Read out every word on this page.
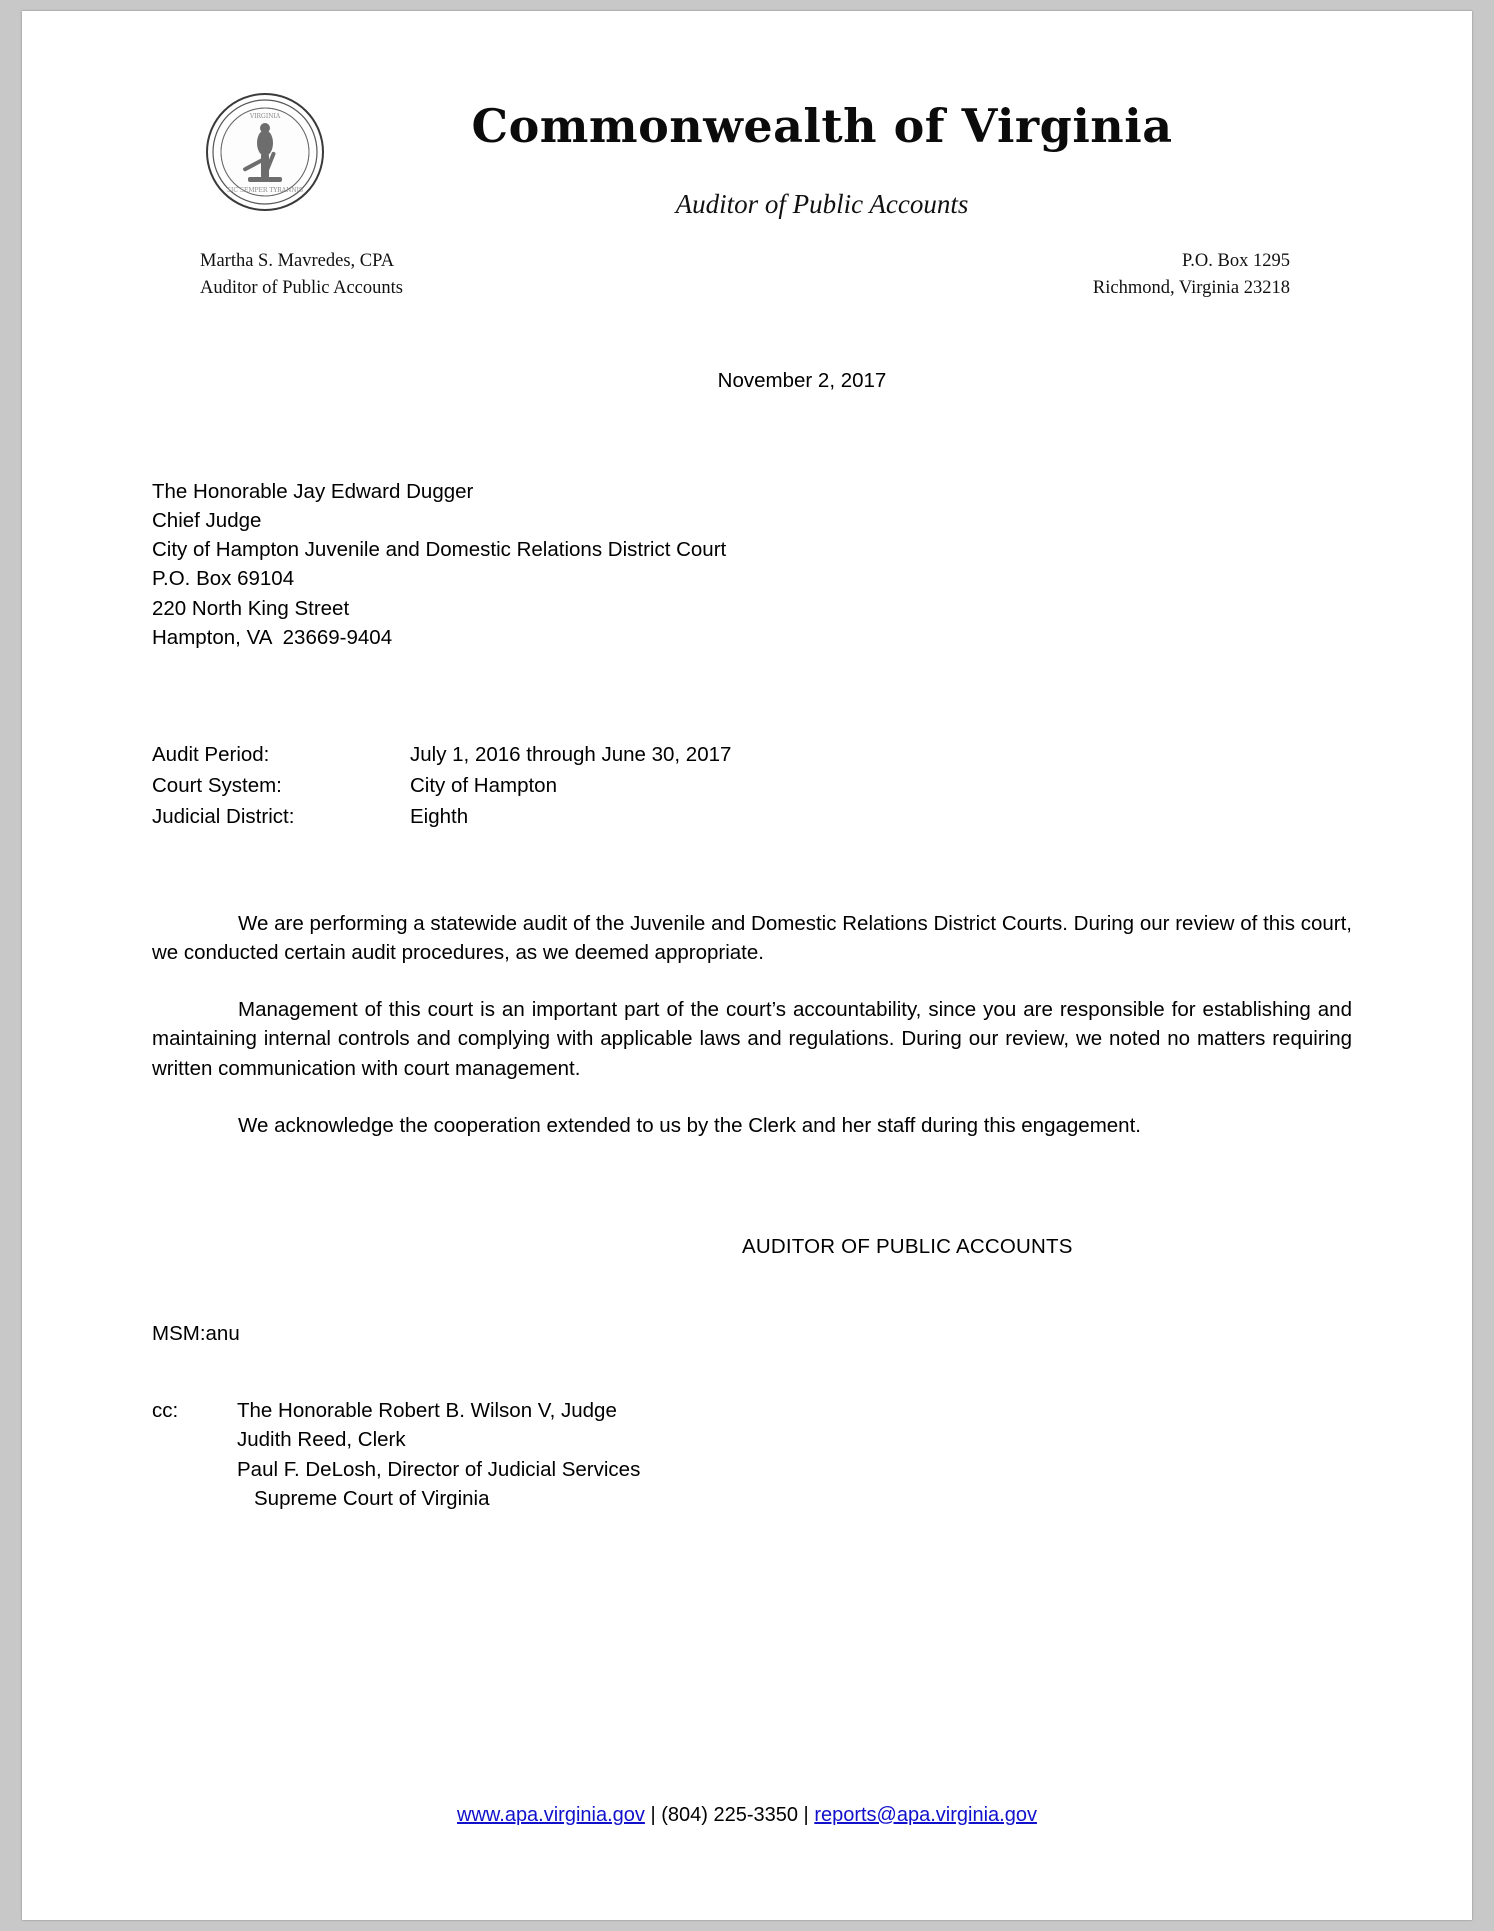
VIRGINIA
SIC SEMPER TYRANNIS
Commonwealth of Virginia
Auditor of Public Accounts
Martha S. Mavredes, CPA
Auditor of Public Accounts
P.O. Box 1295
Richmond, Virginia 23218
November 2, 2017
The Honorable Jay Edward Dugger
Chief Judge
City of Hampton Juvenile and Domestic Relations District Court
P.O. Box 69104
220 North King Street
Hampton, VA  23669-9404
Audit Period:	July 1, 2016 through June 30, 2017
Court System:	City of Hampton
Judicial District:	Eighth

We are performing a statewide audit of the Juvenile and Domestic Relations District Courts. During our review of this court, we conducted certain audit procedures, as we deemed appropriate.

Management of this court is an important part of the court’s accountability, since you are responsible for establishing and maintaining internal controls and complying with applicable laws and regulations. During our review, we noted no matters requiring written communication with court management.

We acknowledge the cooperation extended to us by the Clerk and her staff during this engagement.

AUDITOR OF PUBLIC ACCOUNTS
MSM:anu
cc:	The Honorable Robert B. Wilson V, Judge
Judith Reed, Clerk
Paul F. DeLosh, Director of Judicial Services
Supreme Court of Virginia
www.apa.virginia.gov | (804) 225-3350 | reports@apa.virginia.gov
